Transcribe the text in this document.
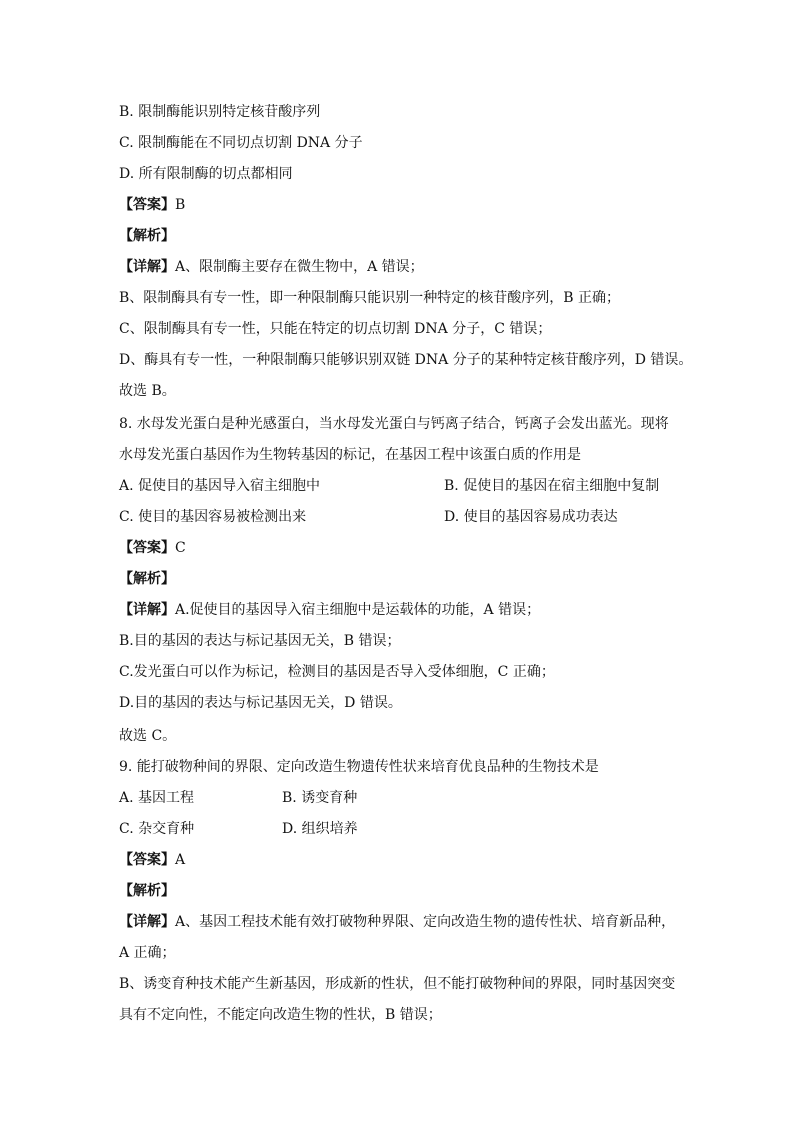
B. 限制酶能识别特定核苷酸序列
C. 限制酶能在不同切点切割 DNA 分子
D. 所有限制酶的切点都相同
【答案】B
【解析】
【详解】A、限制酶主要存在微生物中，A 错误；
B、限制酶具有专一性，即一种限制酶只能识别一种特定的核苷酸序列，B 正确；
C、限制酶具有专一性，只能在特定的切点切割 DNA 分子，C 错误；
D、酶具有专一性，一种限制酶只能够识别双链 DNA 分子的某种特定核苷酸序列，D 错误。
故选 B。
8. 水母发光蛋白是种光感蛋白，当水母发光蛋白与钙离子结合，钙离子会发出蓝光。现将
水母发光蛋白基因作为生物转基因的标记，在基因工程中该蛋白质的作用是
A. 促使目的基因导入宿主细胞中	B. 促使目的基因在宿主细胞中复制
C. 使目的基因容易被检测出来	D. 使目的基因容易成功表达
【答案】C
【解析】
【详解】A.促使目的基因导入宿主细胞中是运载体的功能，A 错误；
B.目的基因的表达与标记基因无关，B 错误；
C.发光蛋白可以作为标记，检测目的基因是否导入受体细胞，C 正确；
D.目的基因的表达与标记基因无关，D 错误。
故选 C。
9. 能打破物种间的界限、定向改造生物遗传性状来培育优良品种的生物技术是
A. 基因工程	B. 诱变育种
C. 杂交育种	D. 组织培养
【答案】A
【解析】
【详解】A、基因工程技术能有效打破物种界限、定向改造生物的遗传性状、培育新品种，
A 正确；
B、诱变育种技术能产生新基因，形成新的性状，但不能打破物种间的界限，同时基因突变
具有不定向性，不能定向改造生物的性状，B 错误；
